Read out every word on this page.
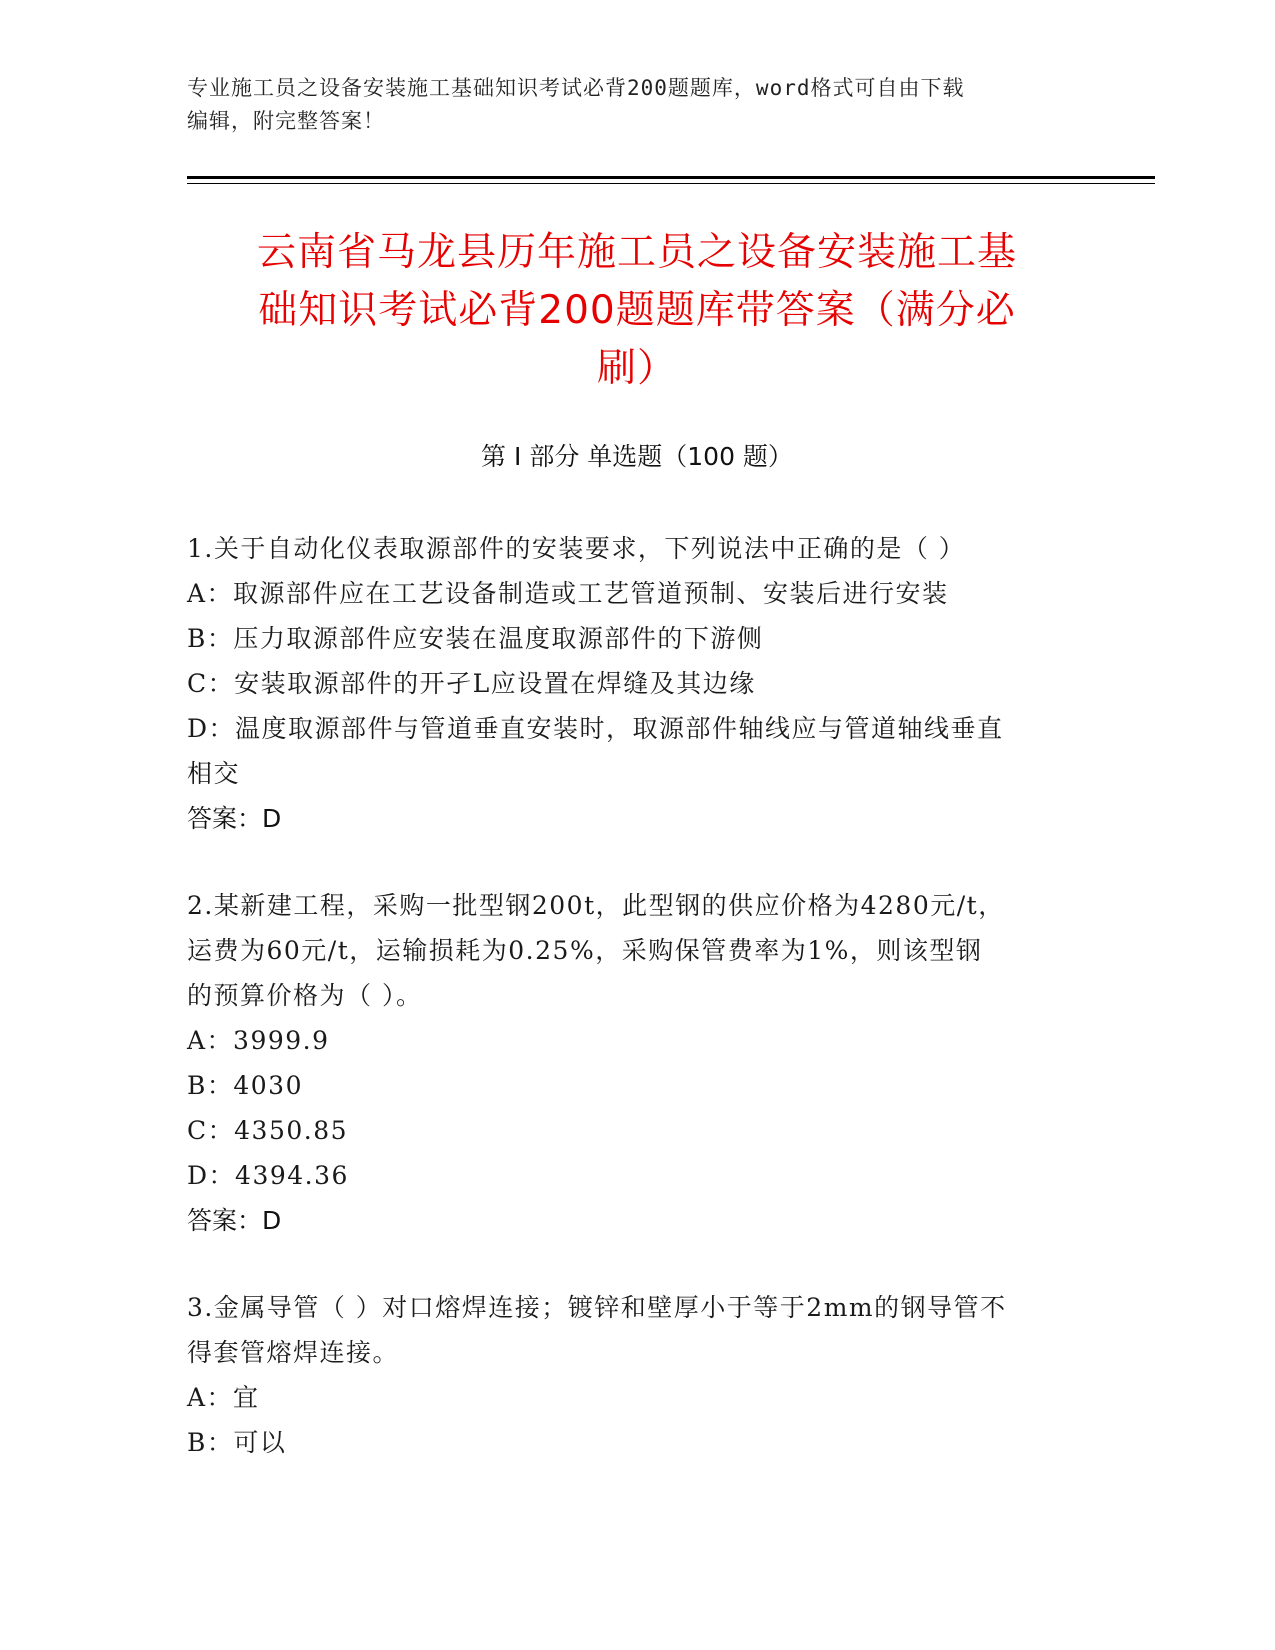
专业施工员之设备安装施工基础知识考试必背200题题库，word格式可自由下载
编辑，附完整答案！
云南省马龙县历年施工员之设备安装施工基
础知识考试必背200题题库带答案（满分必
刷）
第 I 部分 单选题（100 题）
1.关于自动化仪表取源部件的安装要求，下列说法中正确的是（ ）
A：取源部件应在工艺设备制造或工艺管道预制、安装后进行安装
B：压力取源部件应安装在温度取源部件的下游侧
C：安装取源部件的开孑L应设置在焊缝及其边缘
D：温度取源部件与管道垂直安装时，取源部件轴线应与管道轴线垂直
相交
答案：D
2.某新建工程，采购一批型钢200t，此型钢的供应价格为4280元/t，
运费为60元/t，运输损耗为0.25%，采购保管费率为1%，则该型钢
的预算价格为（ ）。
A：3999.9
B：4030
C：4350.85
D：4394.36
答案：D
3.金属导管（ ）对口熔焊连接；镀锌和壁厚小于等于2mm的钢导管不
得套管熔焊连接。
A：宜
B：可以
